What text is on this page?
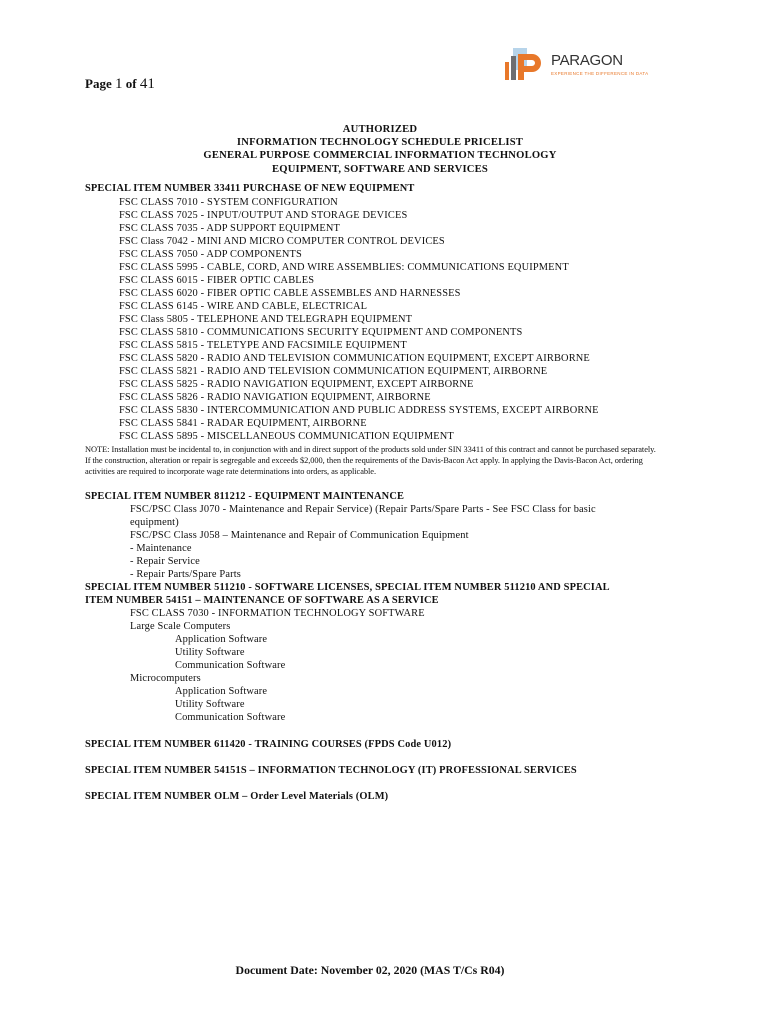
PARAGON
EXPERIENCE THE DIFFERENCE IN DATA
Page 1 of 41
AUTHORIZED
INFORMATION TECHNOLOGY SCHEDULE PRICELIST
GENERAL PURPOSE COMMERCIAL INFORMATION TECHNOLOGY
EQUIPMENT, SOFTWARE AND SERVICES
SPECIAL ITEM NUMBER 33411 PURCHASE OF NEW EQUIPMENT
FSC CLASS 7010 - SYSTEM CONFIGURATION
FSC CLASS 7025 - INPUT/OUTPUT AND STORAGE DEVICES
FSC CLASS 7035 - ADP SUPPORT EQUIPMENT
FSC Class 7042 - MINI AND MICRO COMPUTER CONTROL DEVICES
FSC CLASS 7050 - ADP COMPONENTS
FSC CLASS 5995 - CABLE, CORD, AND WIRE ASSEMBLIES: COMMUNICATIONS EQUIPMENT
FSC CLASS 6015 - FIBER OPTIC CABLES
FSC CLASS 6020 - FIBER OPTIC CABLE ASSEMBLES AND HARNESSES
FSC CLASS 6145 - WIRE AND CABLE, ELECTRICAL
FSC Class 5805 - TELEPHONE AND TELEGRAPH EQUIPMENT
FSC CLASS 5810 - COMMUNICATIONS SECURITY EQUIPMENT AND COMPONENTS
FSC CLASS 5815 - TELETYPE AND FACSIMILE EQUIPMENT
FSC CLASS 5820 - RADIO AND TELEVISION COMMUNICATION EQUIPMENT, EXCEPT AIRBORNE
FSC CLASS 5821 - RADIO AND TELEVISION COMMUNICATION EQUIPMENT, AIRBORNE
FSC CLASS 5825 - RADIO NAVIGATION EQUIPMENT, EXCEPT AIRBORNE
FSC CLASS 5826 - RADIO NAVIGATION EQUIPMENT, AIRBORNE
FSC CLASS 5830 - INTERCOMMUNICATION AND PUBLIC ADDRESS SYSTEMS, EXCEPT AIRBORNE
FSC CLASS 5841 - RADAR EQUIPMENT, AIRBORNE
FSC CLASS 5895 - MISCELLANEOUS COMMUNICATION EQUIPMENT
NOTE: Installation must be incidental to, in conjunction with and in direct support of the products sold under SIN 33411 of this contract and cannot be purchased separately. If the construction, alteration or repair is segregable and exceeds $2,000, then the requirements of the Davis-Bacon Act apply. In applying the Davis-Bacon Act, ordering activities are required to incorporate wage rate determinations into orders, as applicable.
SPECIAL ITEM NUMBER 811212 - EQUIPMENT MAINTENANCE
FSC/PSC Class J070 - Maintenance and Repair Service) (Repair Parts/Spare Parts - See FSC Class for basic
equipment)
FSC/PSC Class J058 – Maintenance and Repair of Communication Equipment
- Maintenance
- Repair Service
- Repair Parts/Spare Parts
SPECIAL ITEM NUMBER 511210 - SOFTWARE LICENSES, SPECIAL ITEM NUMBER 511210 AND SPECIAL
ITEM NUMBER 54151 – MAINTENANCE OF SOFTWARE AS A SERVICE
FSC CLASS 7030 - INFORMATION TECHNOLOGY SOFTWARE
Large Scale Computers
Application Software
Utility Software
Communication Software
Microcomputers
Application Software
Utility Software
Communication Software
SPECIAL ITEM NUMBER 611420 - TRAINING COURSES (FPDS Code U012)
SPECIAL ITEM NUMBER 54151S – INFORMATION TECHNOLOGY (IT) PROFESSIONAL SERVICES
SPECIAL ITEM NUMBER OLM – Order Level Materials (OLM)
Document Date: November 02, 2020 (MAS T/Cs R04)
